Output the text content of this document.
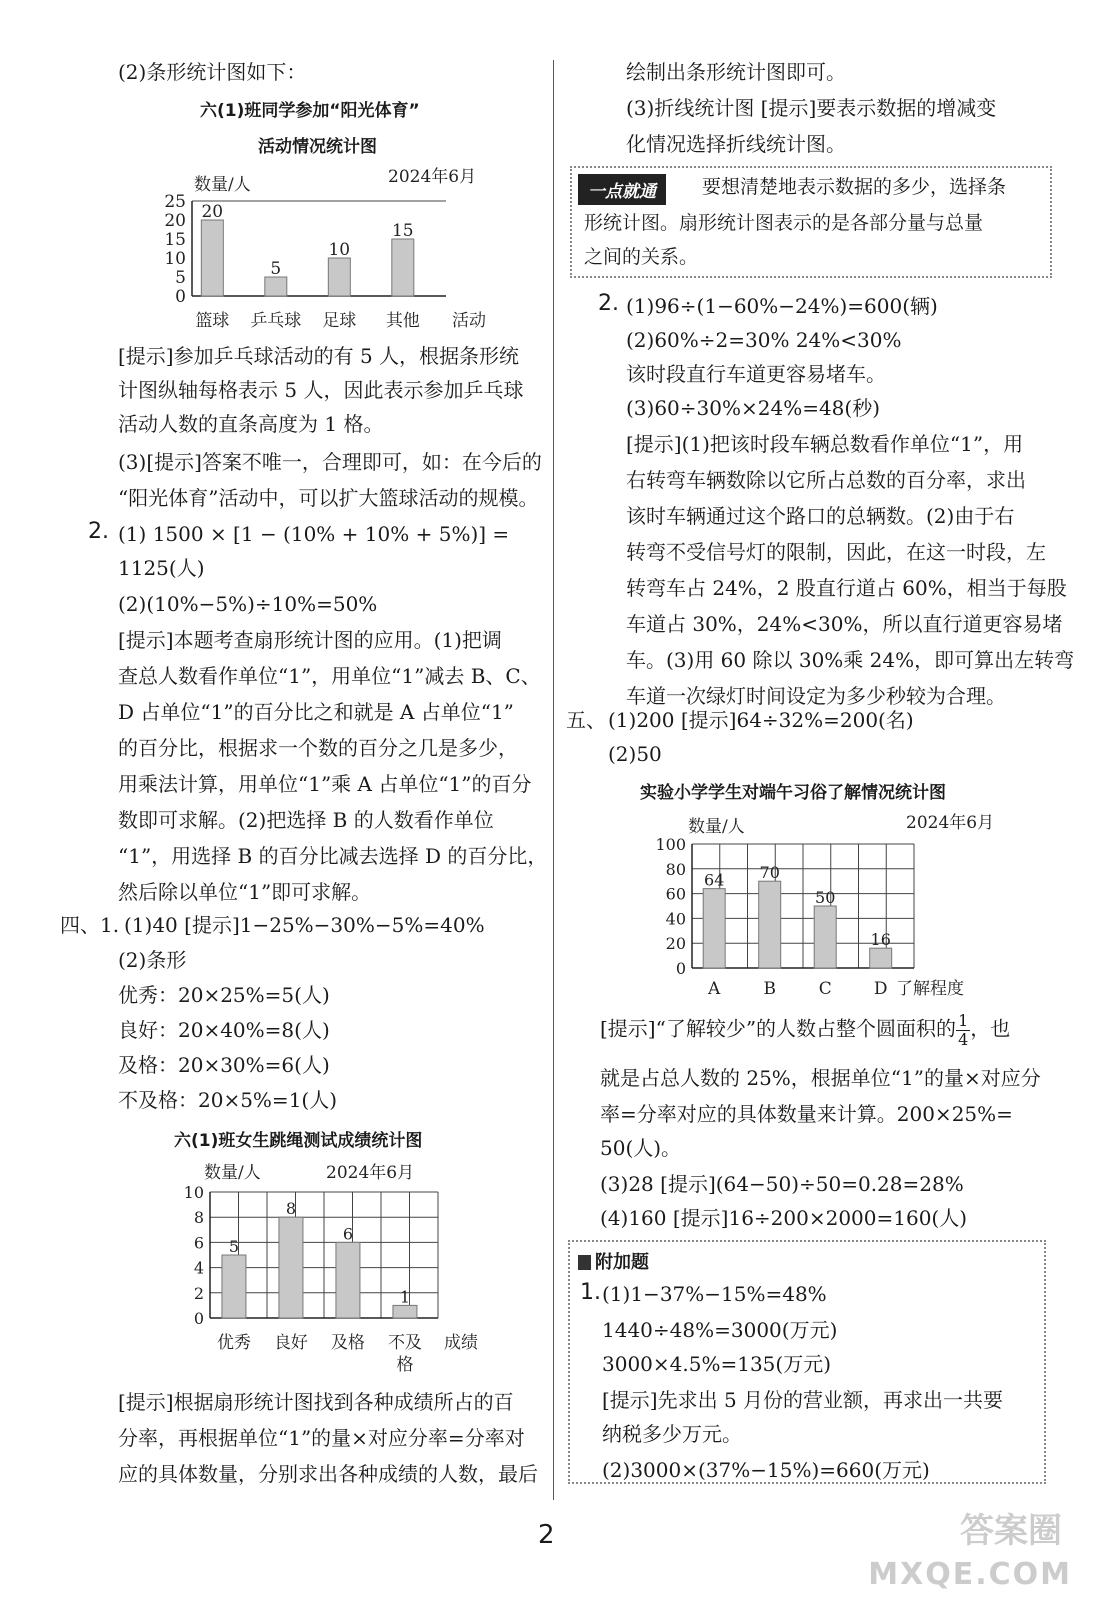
(2)条形统计图如下：
六(1)班同学参加“阳光体育”
活动情况统计图
0
5
10
15
20
25
数量/人	2024年6月
20
5
10
15
篮球 乒乓球 足球 其他 活动
[提示]参加乒乓球活动的有 5 人，根据条形统
计图纵轴每格表示 5 人，因此表示参加乒乓球
活动人数的直条高度为 1 格。
(3)[提示]答案不唯一，合理即可，如：在今后的
“阳光体育”活动中，可以扩大篮球活动的规模。
2. (1) 1500 × [1 − (10% + 10% + 5%)] =
1125(人)
(2)(10%−5%)÷10%=50%
[提示]本题考查扇形统计图的应用。(1)把调
查总人数看作单位“1”，用单位“1”减去 B、C、
D 占单位“1”的百分比之和就是 A 占单位“1”
的百分比，根据求一个数的百分之几是多少，
用乘法计算，用单位“1”乘 A 占单位“1”的百分
数即可求解。(2)把选择 B 的人数看作单位
“1”，用选择 B 的百分比减去选择 D 的百分比，
然后除以单位“1”即可求解。
四、1. (1)40 [提示]1−25%−30%−5%=40%
(2)条形
优秀：20×25%=5(人)
良好：20×40%=8(人)
及格：20×30%=6(人)
不及格：20×5%=1(人)
六(1)班女生跳绳测试成绩统计图
0
2
4
6
8
10
数量/人	2024年6月
5
8
6
1
优秀 良好 及格 不及
格
成绩
[提示]根据扇形统计图找到各种成绩所占的百
分率，再根据单位“1”的量×对应分率=分率对
应的具体数量，分别求出各种成绩的人数，最后
绘制出条形统计图即可。
(3)折线统计图 [提示]要表示数据的增减变
化情况选择折线统计图。
一点就通	要想清楚地表示数据的多少，选择条
形统计图。扇形统计图表示的是各部分量与总量
之间的关系。
2. (1)96÷(1−60%−24%)=600(辆)
(2)60%÷2=30% 24%<30%
该时段直行车道更容易堵车。
(3)60÷30%×24%=48(秒)
[提示](1)把该时段车辆总数看作单位“1”，用
右转弯车辆数除以它所占总数的百分率，求出
该时车辆通过这个路口的总辆数。(2)由于右
转弯不受信号灯的限制，因此，在这一时段，左
转弯车占 24%，2 股直行道占 60%，相当于每股
车道占 30%，24%<30%，所以直行道更容易堵
车。(3)用 60 除以 30%乘 24%，即可算出左转弯
车道一次绿灯时间设定为多少秒较为合理。
五、 (1)200 [提示]64÷32%=200(名)
(2)50
实验小学学生对端午习俗了解情况统计图
0
20
40
60
80
100
数量/人	2024年6月
64 70
50
16
A	B	C D 了解程度
[提示]“了解较少”的人数占整个圆面积的 $\frac{1}{4}$ ，也
就是占总人数的 25%，根据单位“1”的量×对应分
率=分率对应的具体数量来计算。200×25%=
50(人)。
(3)28 [提示](64−50)÷50=0.28=28%
(4)160 [提示]16÷200×2000=160(人)
附加题
1. (1)1−37%−15%=48%
1440÷48%=3000(万元)
3000×4.5%=135(万元)
[提示]先求出 5 月份的营业额，再求出一共要
纳税多少万元。
(2)3000×(37%−15%)=660(万元)
2	答案圈
MXQE.COM
